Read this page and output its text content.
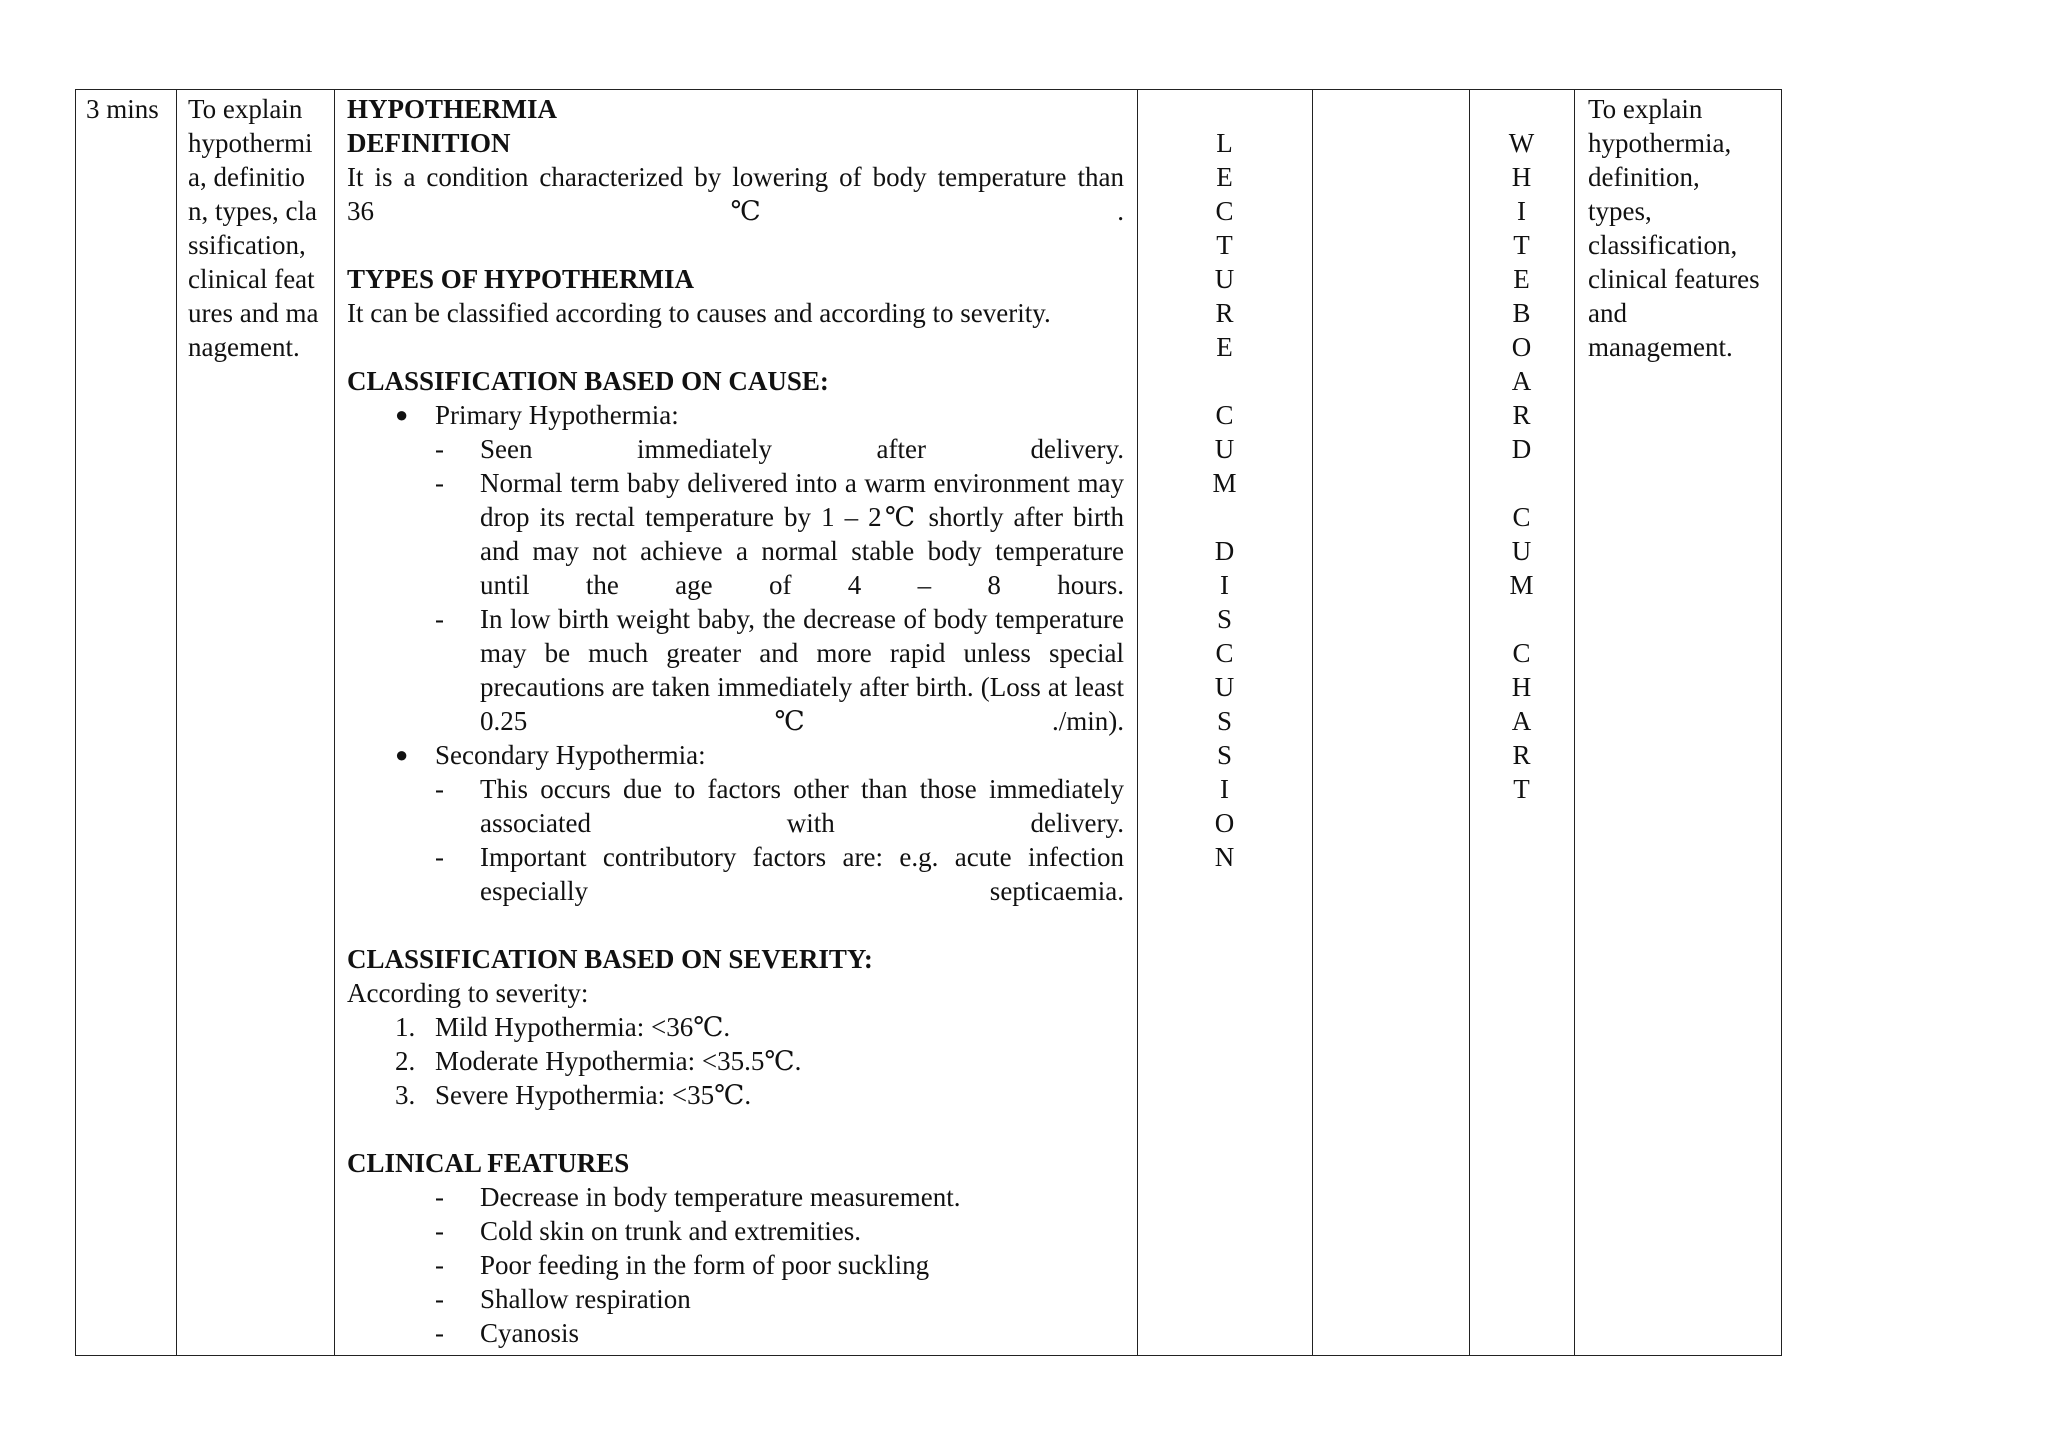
3 mins	To explain hypothermia, definition, types, classification, clinical features and management.
HYPOTHERMIA
DEFINITION
It is a condition characterized by lowering of body temperature than 36℃.
TYPES OF HYPOTHERMIA
It can be classified according to causes and according to severity.
CLASSIFICATION BASED ON CAUSE:
● Primary Hypothermia:
- Seen immediately after delivery.
- Normal term baby delivered into a warm environment may drop its rectal temperature by 1 – 2℃ shortly after birth and may not achieve a normal stable body temperature until the age of 4 – 8 hours.
- In low birth weight baby, the decrease of body temperature may be much greater and more rapid unless special precautions are taken immediately after birth. (Loss at least 0.25℃./min).
● Secondary Hypothermia:
- This occurs due to factors other than those immediately associated with delivery.
- Important contributory factors are: e.g. acute infection especially septicaemia.
CLASSIFICATION BASED ON SEVERITY:
According to severity:
1. Mild Hypothermia: <36℃.
2. Moderate Hypothermia: <35.5℃.
3. Severe Hypothermia: <35℃.
CLINICAL FEATURES
- Decrease in body temperature measurement.
- Cold skin on trunk and extremities.
- Poor feeding in the form of poor suckling
- Shallow respiration
- Cyanosis
L
E
C
T
U
R
E

C
U
M

D
I
S
C
U
S
S
I
O
N
W
H
I
T
E
B
O
A
R
D

C
U
M

C
H
A
R
T
To explain hypothermia, definition, types, classification, clinical features and management.
